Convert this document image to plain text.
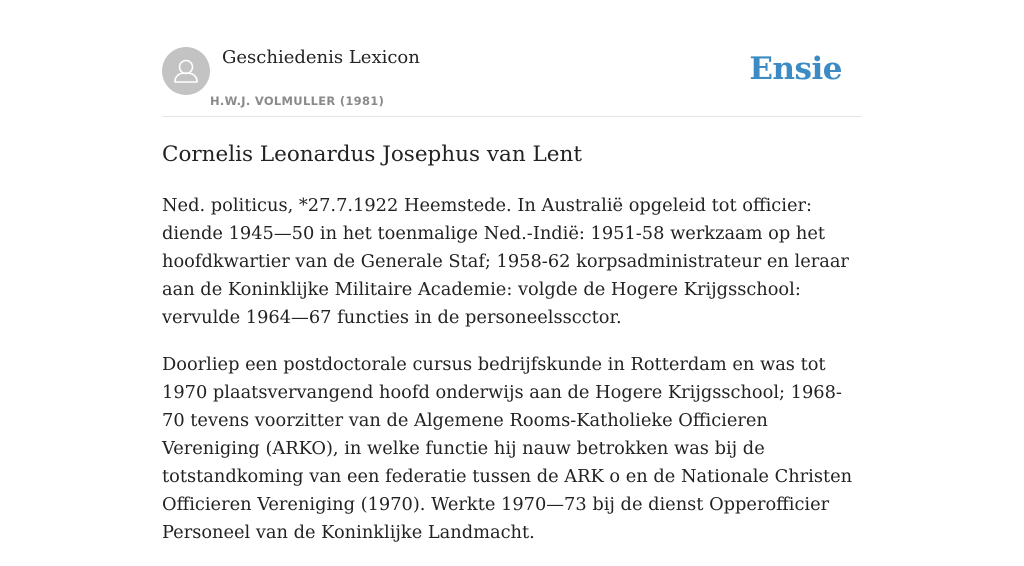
Geschiedenis Lexicon
H.W.J. VOLMULLER (1981)
Ensie
Cornelis Leonardus Josephus van Lent

Ned. politicus, *27.7.1922 Heemstede. In Australië opgeleid tot officier: diende 1945—50 in het toenmalige Ned.-Indië: 1951-58 werkzaam op het hoofdkwartier van de Generale Staf; 1958-62 korpsadministrateur en leraar aan de Koninklijke Militaire Academie: volgde de Hogere Krijgsschool: vervulde 1964—67 functies in de personeelsscctor.

Doorliep een postdoctorale cursus bedrijfskunde in Rotterdam en was tot 1970 plaatsvervangend hoofd onderwijs aan de Hogere Krijgsschool; 1968-70 tevens voorzitter van de Algemene Rooms-Katholieke Officieren Vereniging (ARKO), in welke functie hij nauw betrokken was bij de totstandkoming van een federatie tussen de ARK o en de Nationale Christen Officieren Vereniging (1970). Werkte 1970—73 bij de dienst Opperofficier Personeel van de Koninklijke Landmacht.
